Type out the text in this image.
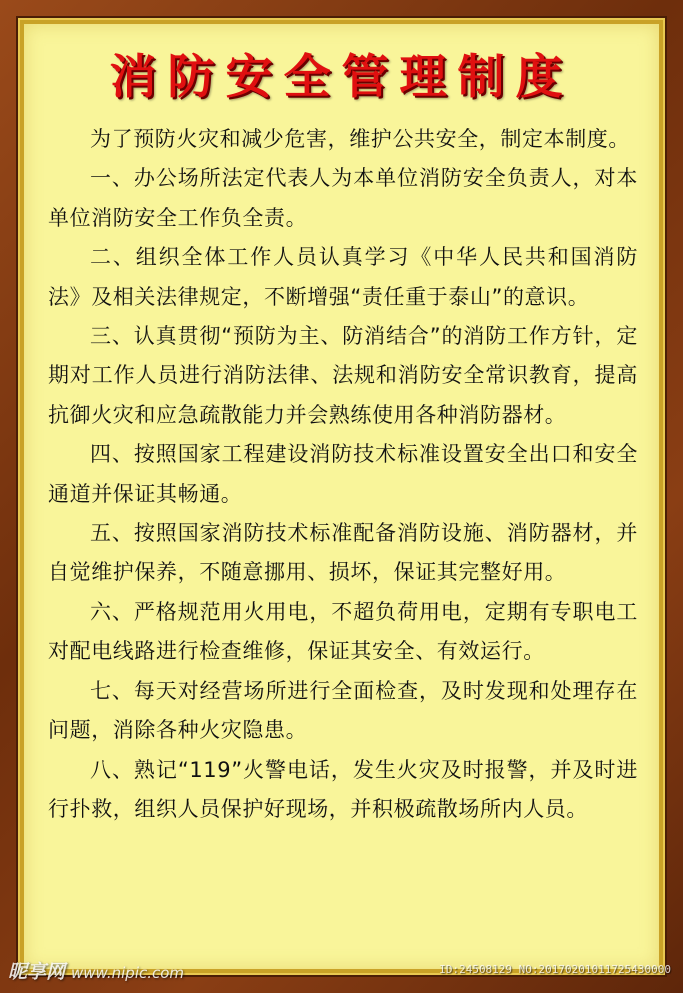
消防安全管理制度

为了预防火灾和减少危害，维护公共安全，制定本制度。

一、办公场所法定代表人为本单位消防安全负责人，对本单位消防安全工作负全责。

二、组织全体工作人员认真学习《中华人民共和国消防法》及相关法律规定，不断增强“责任重于泰山”的意识。

三、认真贯彻“预防为主、防消结合”的消防工作方针，定期对工作人员进行消防法律、法规和消防安全常识教育，提高抗御火灾和应急疏散能力并会熟练使用各种消防器材。

四、按照国家工程建设消防技术标准设置安全出口和安全通道并保证其畅通。

五、按照国家消防技术标准配备消防设施、消防器材，并自觉维护保养，不随意挪用、损坏，保证其完整好用。

六、严格规范用火用电，不超负荷用电，定期有专职电工对配电线路进行检查维修，保证其安全、有效运行。

七、每天对经营场所进行全面检查，及时发现和处理存在问题，消除各种火灾隐患。

八、熟记“119”火警电话，发生火灾及时报警，并及时进行扑救，组织人员保护好现场，并积极疏散场所内人员。

昵享网 www.nipic.com	ID:24508129 NO:20170201011725430000
